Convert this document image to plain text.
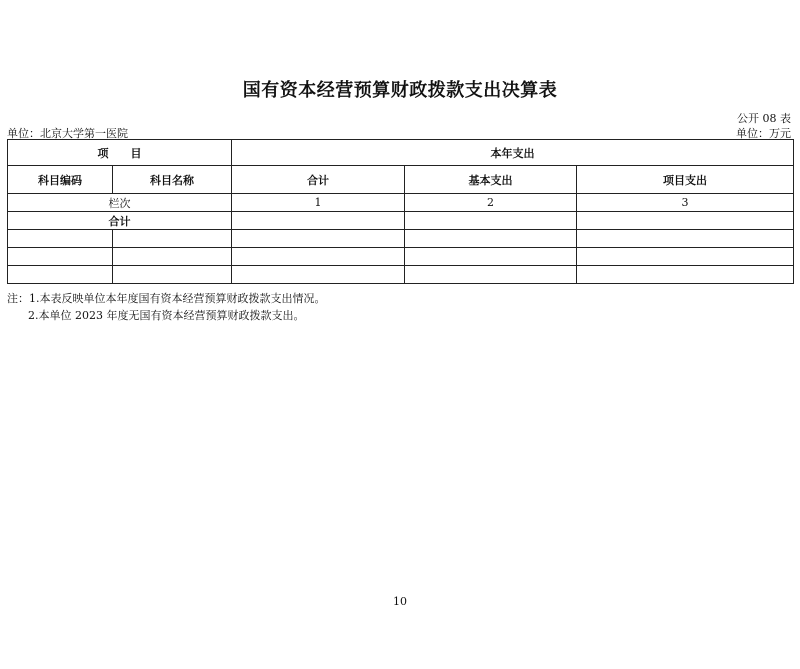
国有资本经营预算财政拨款支出决算表
公开 08 表
单位：北京大学第一医院	单位：万元
项　　目		本年支出		
科目编码	科目名称	合计	基本支出	项目支出
栏次		1	2	3
合计				

注：1.本表反映单位本年度国有资本经营预算财政拨款支出情况。
2.本单位 2023 年度无国有资本经营预算财政拨款支出。
10
